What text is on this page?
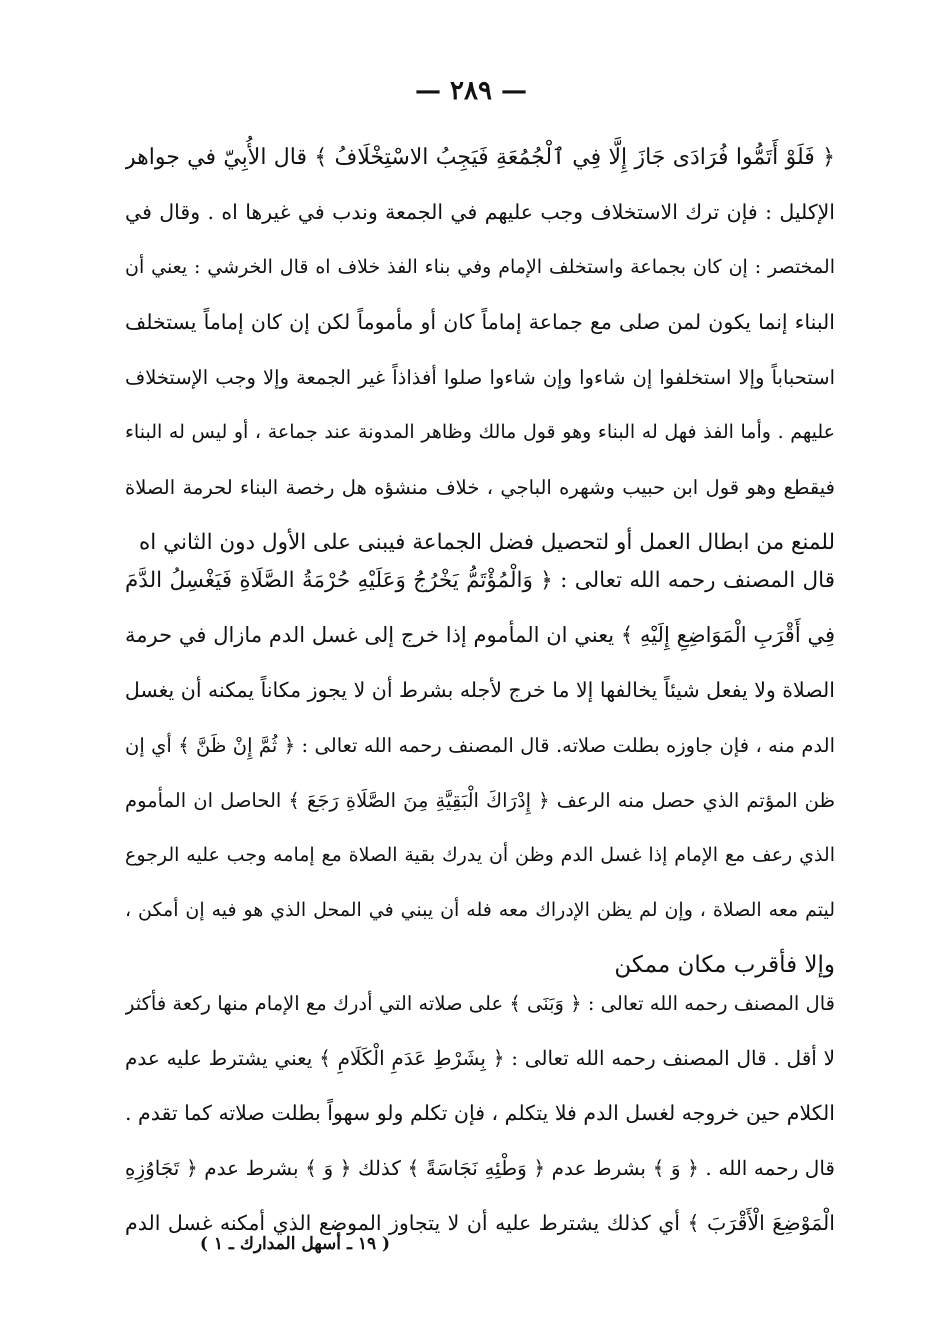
— ٢٨٩ —
﴿ فَلَوْ أَتَمُّوا فُرَادَى جَازَ إِلَّا فِي ٱلْجُمُعَةِ فَيَجِبُ الاسْتِخْلَافُ ﴾ قال الأُبِيّ في جواهر
الإكليل : فإن ترك الاستخلاف وجب عليهم في الجمعة وندب في غيرها اه . وقال في
المختصر : إن كان بجماعة واستخلف الإمام وفي بناء الفذ خلاف اه قال الخرشي : يعني أن
البناء إنما يكون لمن صلى مع جماعة إماماً كان أو مأموماً لكن إن كان إماماً يستخلف
استحباباً وإلا استخلفوا إن شاءوا وإن شاءوا صلوا أفذاذاً غير الجمعة وإلا وجب الإستخلاف
عليهم . وأما الفذ فهل له البناء وهو قول مالك وظاهر المدونة عند جماعة ، أو ليس له البناء
فيقطع وهو قول ابن حبيب وشهره الباجي ، خلاف منشؤه هل رخصة البناء لحرمة الصلاة
للمنع من ابطال العمل أو لتحصيل فضل الجماعة فيبنى على الأول دون الثاني اه
قال المصنف رحمه الله تعالى : ﴿ وَالْمُؤْتَمُّ يَخْرُجُ وَعَلَيْهِ حُرْمَةُ الصَّلَاةِ فَيَغْسِلُ الدَّمَ
فِي أَقْرَبِ الْمَوَاضِعِ إِلَيْهِ ﴾ يعني ان المأموم إذا خرج إلى غسل الدم مازال في حرمة
الصلاة ولا يفعل شيئاً يخالفها إلا ما خرج لأجله بشرط أن لا يجوز مكاناً يمكنه أن يغسل
الدم منه ، فإن جاوزه بطلت صلاته. قال المصنف رحمه الله تعالى : ﴿ ثُمَّ إِنْ ظَنَّ ﴾ أي إن
ظن المؤتم الذي حصل منه الرعف ﴿ إِدْرَاكَ الْبَقِيَّةِ مِنَ الصَّلَاةِ رَجَعَ ﴾ الحاصل ان المأموم
الذي رعف مع الإمام إذا غسل الدم وظن أن يدرك بقية الصلاة مع إمامه وجب عليه الرجوع
ليتم معه الصلاة ، وإن لم يظن الإدراك معه فله أن يبني في المحل الذي هو فيه إن أمكن ،
وإلا فأقرب مكان ممكن
قال المصنف رحمه الله تعالى : ﴿ وَبَنَى ﴾ على صلاته التي أدرك مع الإمام منها ركعة فأكثر
لا أقل . قال المصنف رحمه الله تعالى : ﴿ بِشَرْطِ عَدَمِ الْكَلَامِ ﴾ يعني يشترط عليه عدم
الكلام حين خروجه لغسل الدم فلا يتكلم ، فإن تكلم ولو سهواً بطلت صلاته كما تقدم .
قال رحمه الله . ﴿ وَ ﴾ بشرط عدم ﴿ وَطْئِهِ نَجَاسَةً ﴾ كذلك ﴿ وَ ﴾ بشرط عدم ﴿ تَجَاوُزِهِ
الْمَوْضِعَ الْأَقْرَبَ ﴾ أي كذلك يشترط عليه أن لا يتجاوز الموضع الذي أمكنه غسل الدم
( ١٩ ـ أسهل المدارك ـ ١ )
